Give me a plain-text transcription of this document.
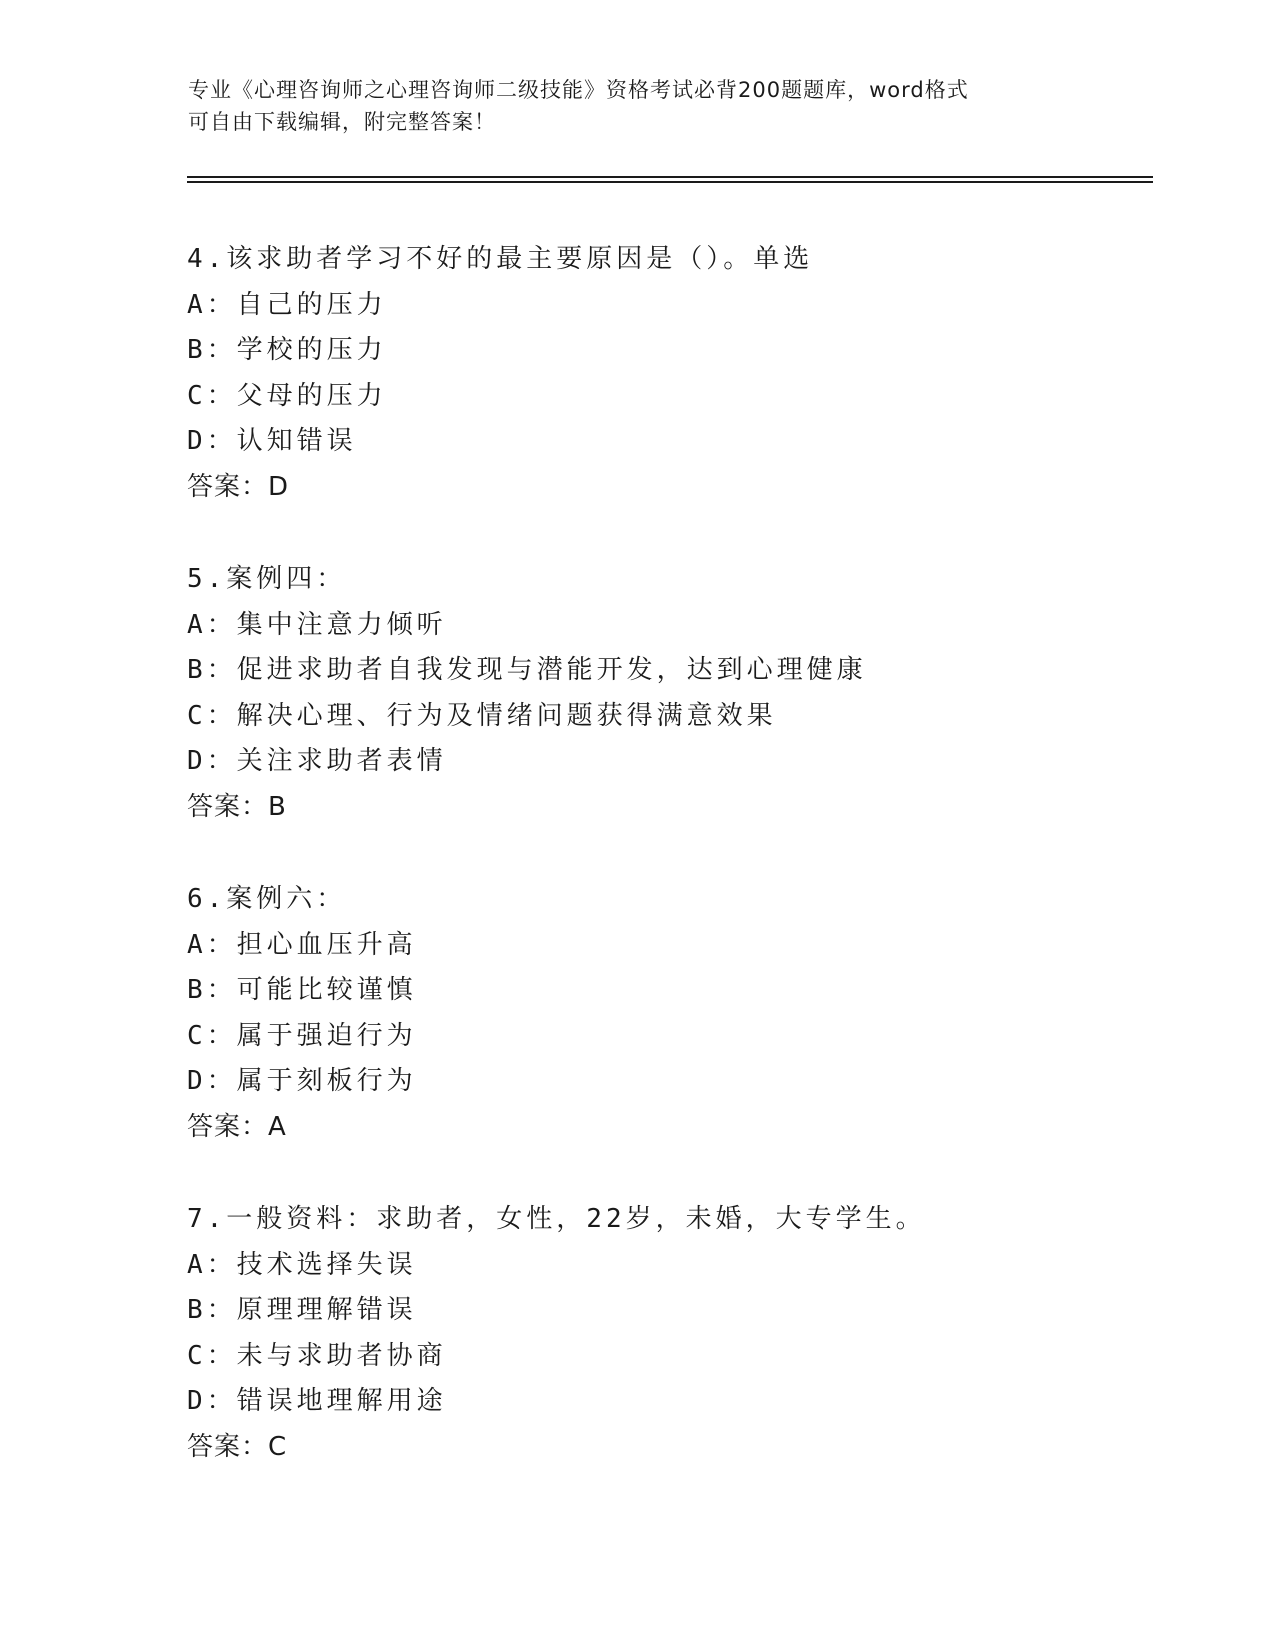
专业《心理咨询师之心理咨询师二级技能》资格考试必背200题题库，word格式
可自由下载编辑，附完整答案！
4.该求助者学习不好的最主要原因是（）。单选
A：自己的压力
B：学校的压力
C：父母的压力
D：认知错误
答案：D
5.案例四：
A：集中注意力倾听
B：促进求助者自我发现与潜能开发，达到心理健康
C：解决心理、行为及情绪问题获得满意效果
D：关注求助者表情
答案：B
6.案例六：
A：担心血压升高
B：可能比较谨慎
C：属于强迫行为
D：属于刻板行为
答案：A
7.一般资料：求助者，女性，22岁，未婚，大专学生。
A：技术选择失误
B：原理理解错误
C：未与求助者协商
D：错误地理解用途
答案：C
